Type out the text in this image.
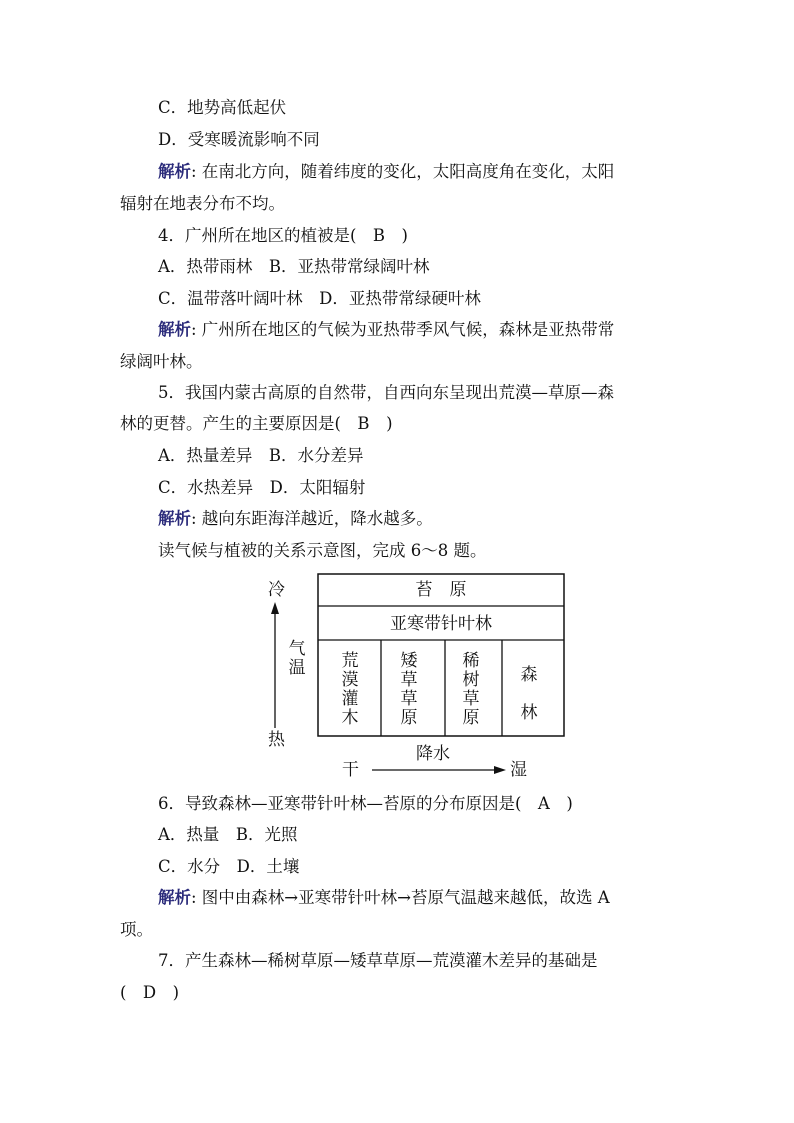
C．地势高低起伏
D．受寒暖流影响不同
解析: 在南北方向，随着纬度的变化，太阳高度角在变化，太阳
辐射在地表分布不均。
4．广州所在地区的植被是(　B　)
A．热带雨林　B．亚热带常绿阔叶林
C．温带落叶阔叶林　D．亚热带常绿硬叶林
解析: 广州所在地区的气候为亚热带季风气候，森林是亚热带常
绿阔叶林。
5．我国内蒙古高原的自然带，自西向东呈现出荒漠—草原—森
林的更替。产生的主要原因是(　B　)
A．热量差异　B．水分差异
C．水热差异　D．太阳辐射
解析: 越向东距海洋越近，降水越多。
读气候与植被的关系示意图，完成 6～8 题。
苔　原
亚寒带针叶林
荒
漠
灌
木
矮
草
草
原
稀
树
草
原
森
林
冷
气
温
热
降水
干	湿
6．导致森林—亚寒带针叶林—苔原的分布原因是(　A　)
A．热量　B．光照
C．水分　D．土壤
解析: 图中由森林→亚寒带针叶林→苔原气温越来越低，故选 A
项。
7．产生森林—稀树草原—矮草草原—荒漠灌木差异的基础是
(　D　)
